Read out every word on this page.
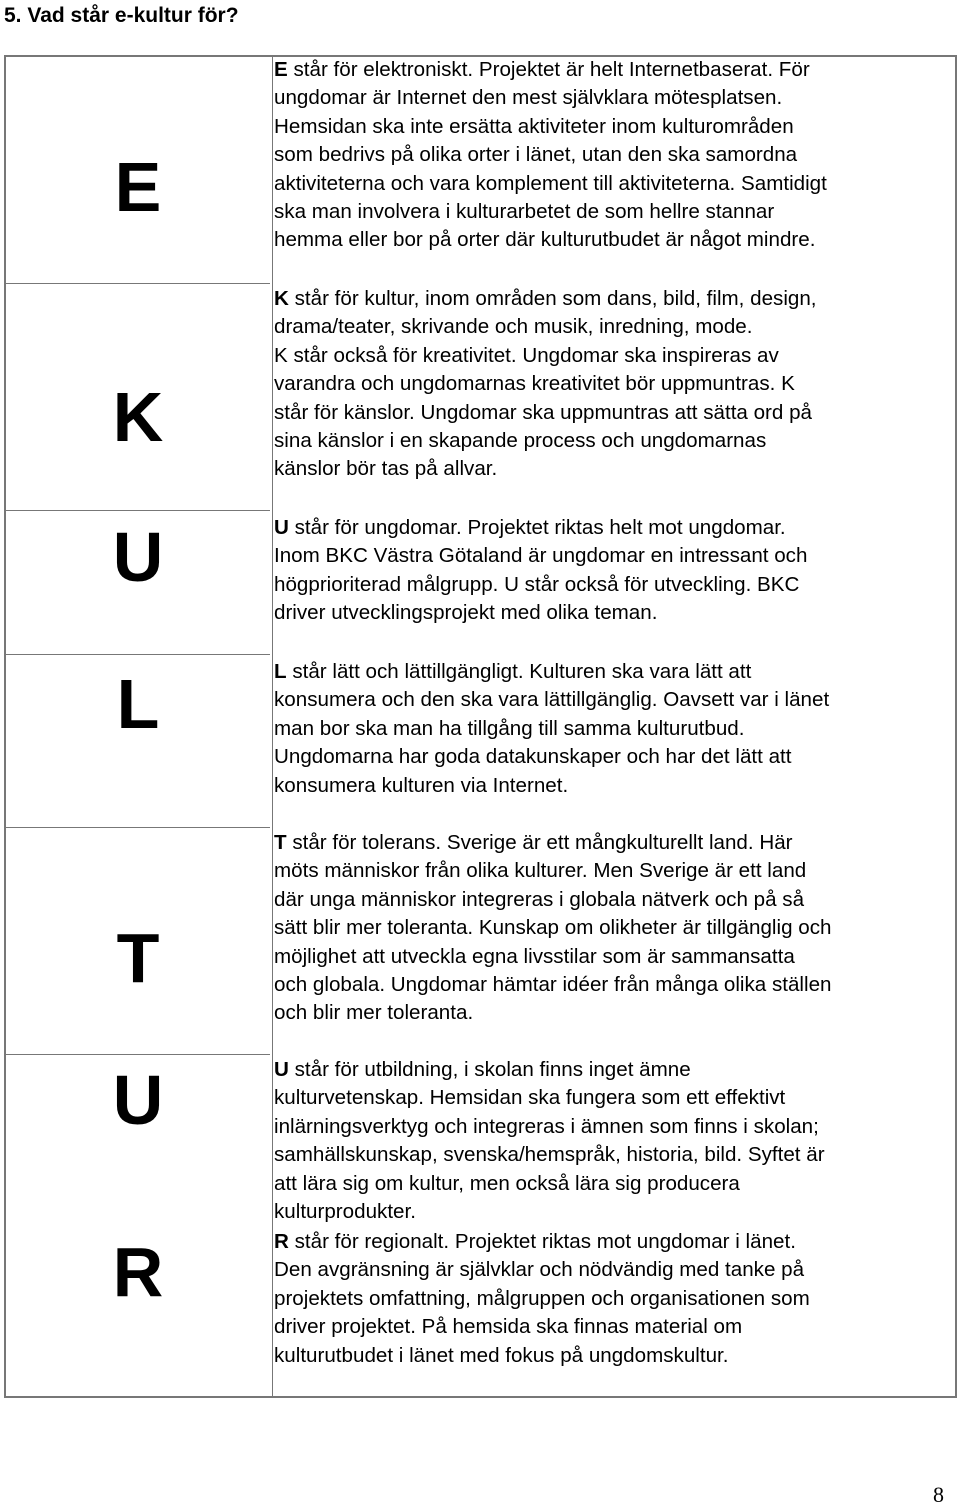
5. Vad står e-kultur för?
E
K
U
L
T
U
R
E står för elektroniskt. Projektet är helt Internetbaserat. För
ungdomar är Internet den mest självklara mötesplatsen.
Hemsidan ska inte ersätta aktiviteter inom kulturområden
som bedrivs på olika orter i länet, utan den ska samordna
aktiviteterna och vara komplement till aktiviteterna. Samtidigt
ska man involvera i kulturarbetet de som hellre stannar
hemma eller bor på orter där kulturutbudet är något mindre.
K står för kultur, inom områden som dans, bild, film, design,
drama/teater, skrivande och musik, inredning, mode.
K står också för kreativitet. Ungdomar ska inspireras av
varandra och ungdomarnas kreativitet bör uppmuntras. K
står för känslor. Ungdomar ska uppmuntras att sätta ord på
sina känslor i en skapande process och ungdomarnas
känslor bör tas på allvar.
U står för ungdomar. Projektet riktas helt mot ungdomar.
Inom BKC Västra Götaland är ungdomar en intressant och
högprioriterad målgrupp. U står också för utveckling. BKC
driver utvecklingsprojekt med olika teman.
L står lätt och lättillgängligt. Kulturen ska vara lätt att
konsumera och den ska vara lättillgänglig. Oavsett var i länet
man bor ska man ha tillgång till samma kulturutbud.
Ungdomarna har goda datakunskaper och har det lätt att
konsumera kulturen via Internet.
T står för tolerans. Sverige är ett mångkulturellt land. Här
möts människor från olika kulturer. Men Sverige är ett land
där unga människor integreras i globala nätverk och på så
sätt blir mer toleranta. Kunskap om olikheter är tillgänglig och
möjlighet att utveckla egna livsstilar som är sammansatta
och globala. Ungdomar hämtar idéer från många olika ställen
och blir mer toleranta.
U står för utbildning, i skolan finns inget ämne
kulturvetenskap. Hemsidan ska fungera som ett effektivt
inlärningsverktyg och integreras i ämnen som finns i skolan;
samhällskunskap, svenska/hemspråk, historia, bild. Syftet är
att lära sig om kultur, men också lära sig producera
kulturprodukter.
R står för regionalt. Projektet riktas mot ungdomar i länet.
Den avgränsning är självklar och nödvändig med tanke på
projektets omfattning, målgruppen och organisationen som
driver projektet. På hemsida ska finnas material om
kulturutbudet i länet med fokus på ungdomskultur.
8
